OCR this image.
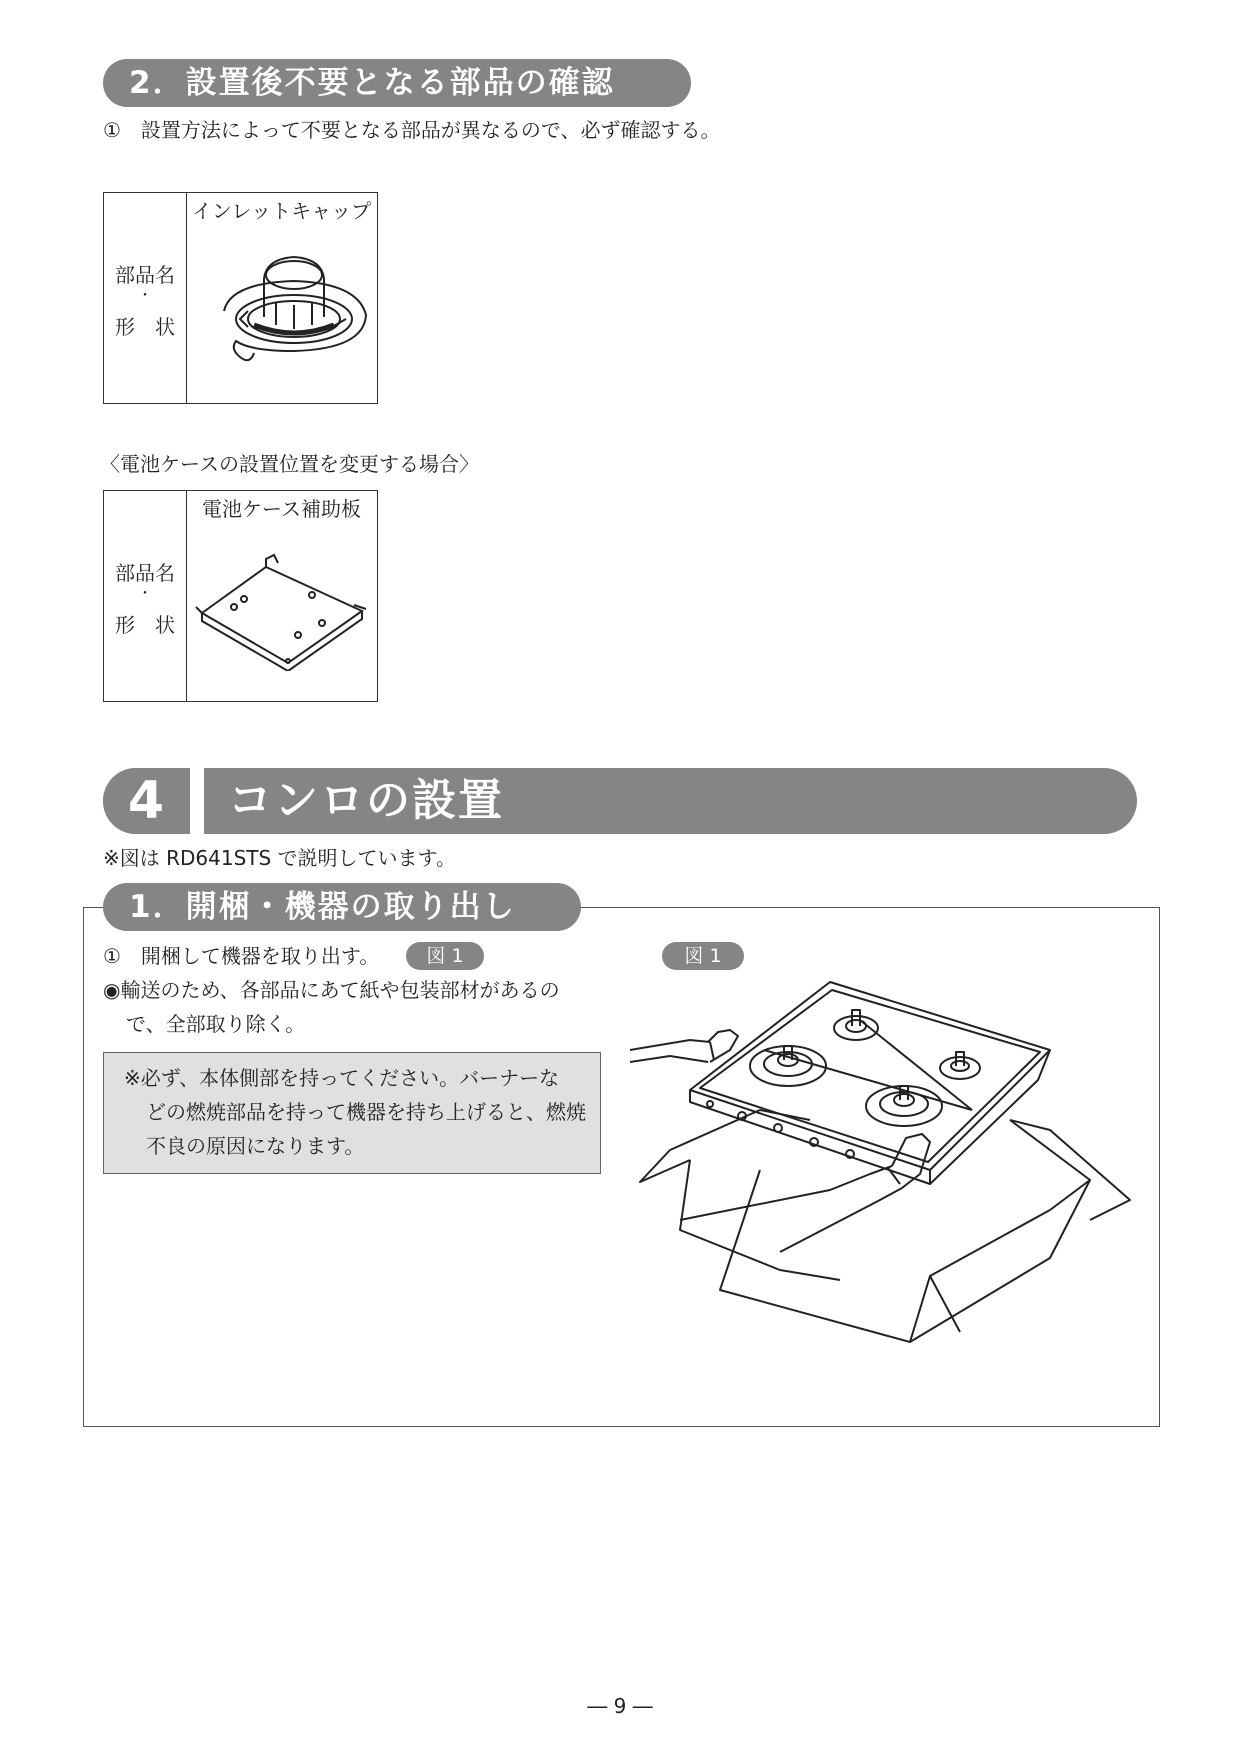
2．設置後不要となる部品の確認
①　設置方法によって不要となる部品が異なるので、必ず確認する。
部品名
・
形　状
インレットキャップ
〈電池ケースの設置位置を変更する場合〉
部品名
・
形　状
電池ケース補助板
4	コンロの設置
※図は RD641STS で説明しています。
1．開梱・機器の取り出し
①　開梱して機器を取り出す。	図 1
◉輸送のため、各部品にあて紙や包装部材があるの
で、全部取り除く。
※必ず、本体側部を持ってください。バーナーな
どの燃焼部品を持って機器を持ち上げると、燃焼
不良の原因になります。
図 1
― 9 ―
